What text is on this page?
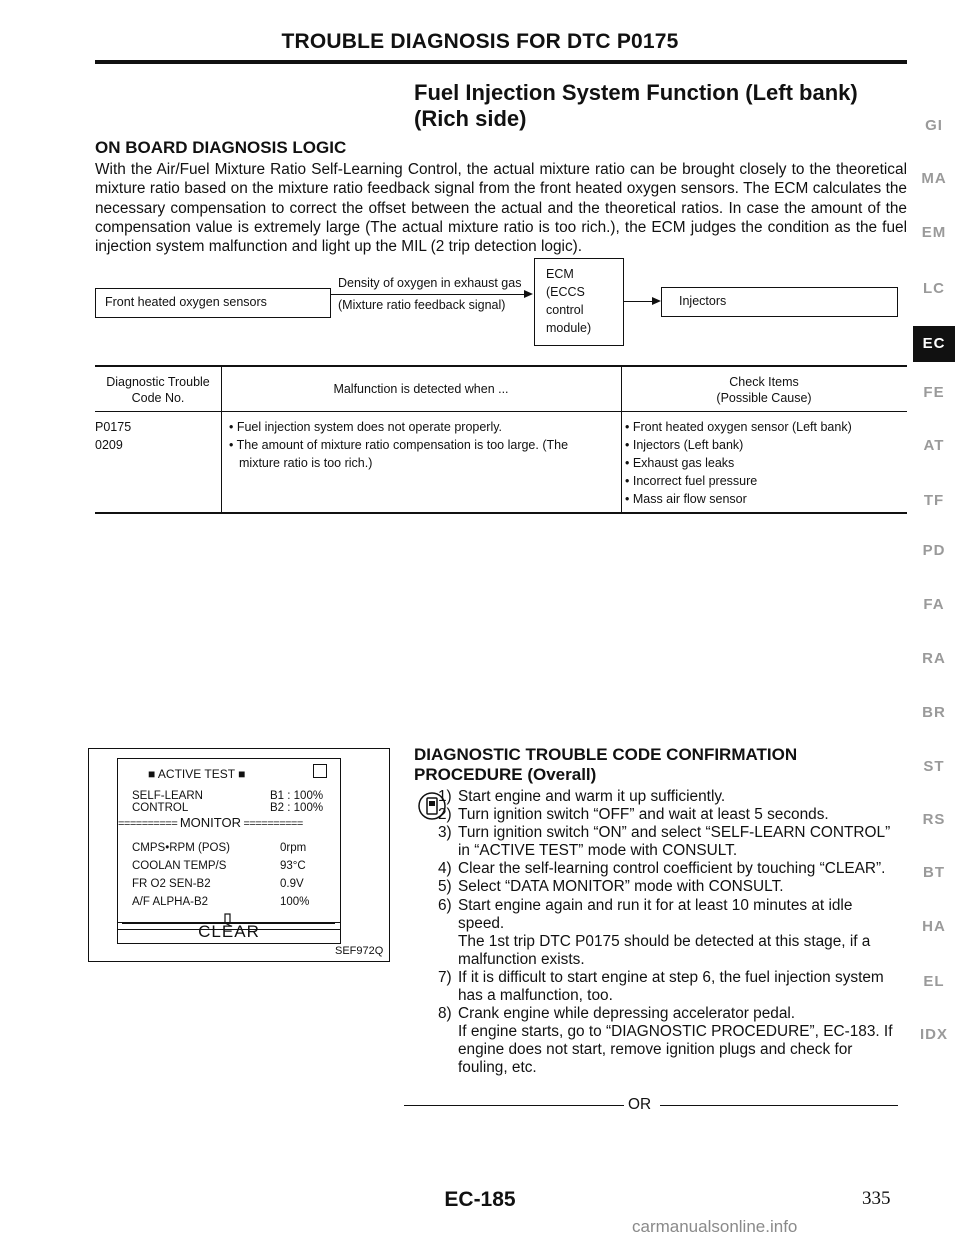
TROUBLE DIAGNOSIS FOR DTC P0175
Fuel Injection System Function (Left bank)
(Rich side)
ON BOARD DIAGNOSIS LOGIC
With the Air/Fuel Mixture Ratio Self-Learning Control, the actual mixture ratio can be brought closely to the theoretical mixture ratio based on the mixture ratio feedback signal from the front heated oxygen sensors. The ECM calculates the necessary compensation to correct the offset between the actual and the theoretical ratios. In case the amount of the compensation value is extremely large (The actual mixture ratio is too rich.), the ECM judges the condition as the fuel injection system malfunction and light up the MIL (2 trip detection logic).
Front heated oxygen sensors
Density of oxygen in exhaust gas
(Mixture ratio feedback signal)
ECM
(ECCS
control
module)
Injectors
Diagnostic Trouble
Code No.
Malfunction is detected when ...	Check Items
(Possible Cause)
P0175
0209
• Fuel injection system does not operate properly.
• The amount of mixture ratio compensation is too large. (The
mixture ratio is too rich.)
• Front heated oxygen sensor (Left bank)
• Injectors (Left bank)
• Exhaust gas leaks
• Incorrect fuel pressure
• Mass air flow sensor
GI
MA
EM
LC
EC
FE
AT
TF
PD
FA
RA
BR
ST
RS
BT
HA
EL
IDX
■ ACTIVE TEST ■
SELF-LEARN
CONTROL
B1 : 100%
B2 : 100%
========== MONITOR ==========
CMPS•RPM (POS)
COOLAN TEMP/S
FR O2 SEN-B2
A/F ALPHA-B2
0rpm
93°C
0.9V
100%
CLEAR
SEF972Q
DIAGNOSTIC TROUBLE CODE CONFIRMATION
PROCEDURE (Overall)
1) Start engine and warm it up sufficiently.
2) Turn ignition switch “OFF” and wait at least 5 seconds.
3) Turn ignition switch “ON” and select “SELF-LEARN CONTROL” in “ACTIVE TEST” mode with CONSULT.
4) Clear the self-learning control coefficient by touching “CLEAR”.
5) Select “DATA MONITOR” mode with CONSULT.
6) Start engine again and run it for at least 10 minutes at idle speed.
The 1st trip DTC P0175 should be detected at this stage, if a malfunction exists.
7) If it is difficult to start engine at step 6, the fuel injection system has a malfunction, too.
8) Crank engine while depressing accelerator pedal.
If engine starts, go to “DIAGNOSTIC PROCEDURE”, EC-183. If engine does not start, remove ignition plugs and check for fouling, etc.
OR
EC-185	335
carmanualsonline.info
